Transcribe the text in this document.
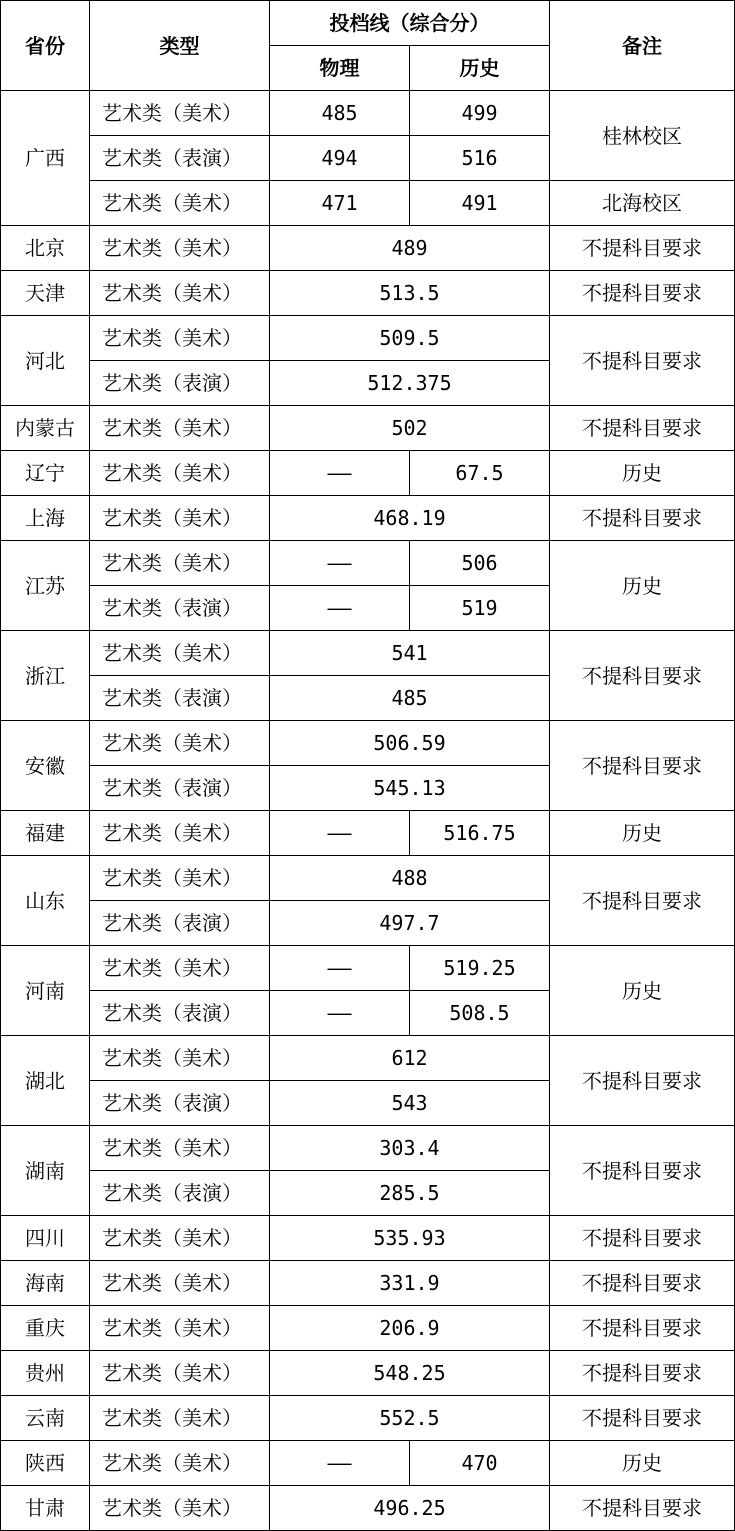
省份	类型	投档线（综合分）		备注
		物理	历史	
广西	艺术类（美术）	485	499	桂林校区
	艺术类（表演）	494	516	
	艺术类（美术）	471	491	北海校区
北京	艺术类（美术）	489		不提科目要求
天津	艺术类（美术）	513.5		不提科目要求
河北	艺术类（美术）	509.5		不提科目要求
	艺术类（表演）	512.375		
内蒙古	艺术类（美术）	502		不提科目要求
辽宁	艺术类（美术）	——	67.5	历史
上海	艺术类（美术）	468.19		不提科目要求
江苏	艺术类（美术）	——	506	历史
	艺术类（表演）	——	519	
浙江	艺术类（美术）	541		不提科目要求
	艺术类（表演）	485		
安徽	艺术类（美术）	506.59		不提科目要求
	艺术类（表演）	545.13		
福建	艺术类（美术）	——	516.75	历史
山东	艺术类（美术）	488		不提科目要求
	艺术类（表演）	497.7		
河南	艺术类（美术）	——	519.25	历史
	艺术类（表演）	——	508.5	
湖北	艺术类（美术）	612		不提科目要求
	艺术类（表演）	543		
湖南	艺术类（美术）	303.4		不提科目要求
	艺术类（表演）	285.5		
四川	艺术类（美术）	535.93		不提科目要求
海南	艺术类（美术）	331.9		不提科目要求
重庆	艺术类（美术）	206.9		不提科目要求
贵州	艺术类（美术）	548.25		不提科目要求
云南	艺术类（美术）	552.5		不提科目要求
陕西	艺术类（美术）	——	470	历史
甘肃	艺术类（美术）	496.25		不提科目要求
